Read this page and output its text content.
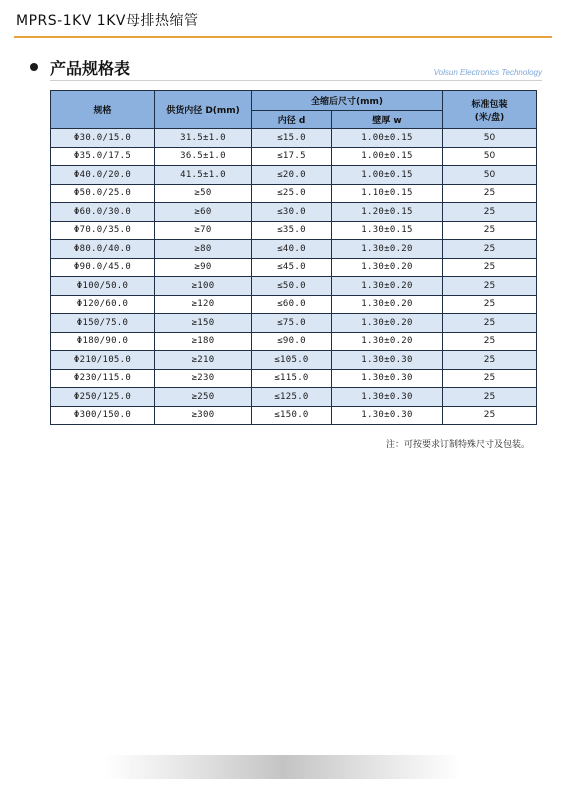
MPRS-1KV 1KV母排热缩管
产品规格表	Volsun Electronics Technology
规格	供货内径 D(mm)	全缩后尺寸(mm)		标准包装
(米/盘)

		内径 d	壁厚 w	
Φ30.0/15.0	31.5±1.0	≤15.0	1.00±0.15	50
Φ35.0/17.5	36.5±1.0	≤17.5	1.00±0.15	50
Φ40.0/20.0	41.5±1.0	≤20.0	1.00±0.15	50
Φ50.0/25.0	≥50	≤25.0	1.10±0.15	25
Φ60.0/30.0	≥60	≤30.0	1.20±0.15	25
Φ70.0/35.0	≥70	≤35.0	1.30±0.15	25
Φ80.0/40.0	≥80	≤40.0	1.30±0.20	25
Φ90.0/45.0	≥90	≤45.0	1.30±0.20	25
Φ100/50.0	≥100	≤50.0	1.30±0.20	25
Φ120/60.0	≥120	≤60.0	1.30±0.20	25
Φ150/75.0	≥150	≤75.0	1.30±0.20	25
Φ180/90.0	≥180	≤90.0	1.30±0.20	25
Φ210/105.0	≥210	≤105.0	1.30±0.30	25
Φ230/115.0	≥230	≤115.0	1.30±0.30	25
Φ250/125.0	≥250	≤125.0	1.30±0.30	25
Φ300/150.0	≥300	≤150.0	1.30±0.30	25
注：可按要求订制特殊尺寸及包装。
